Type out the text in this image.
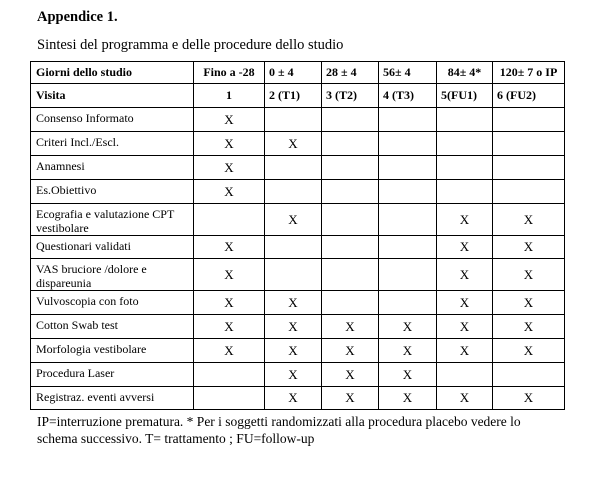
Appendice 1.
Sintesi del programma e delle procedure dello studio
Giorni dello studio	Fino a -28	0 ± 4	28 ± 4	56± 4	84± 4*	120± 7 o IP
Visita	1	2 (T1)	3 (T2)	4 (T3)	5(FU1)	6 (FU2)
Consenso Informato	X					
Criteri Incl./Escl.	X	X				
Anamnesi	X					
Es.Obiettivo	X					
Ecografia e valutazione CPT vestibolare		X			X	X
Questionari validati	X				X	X
VAS bruciore /dolore e dispareunia	X				X	X
Vulvoscopia con foto	X	X			X	X
Cotton Swab test	X	X	X	X	X	X
Morfologia vestibolare	X	X	X	X	X	X
Procedura Laser		X	X	X		
Registraz. eventi avversi		X	X	X	X	X
IP=interruzione prematura. * Per i soggetti randomizzati alla procedura placebo vedere lo schema successivo. T= trattamento ; FU=follow-up
